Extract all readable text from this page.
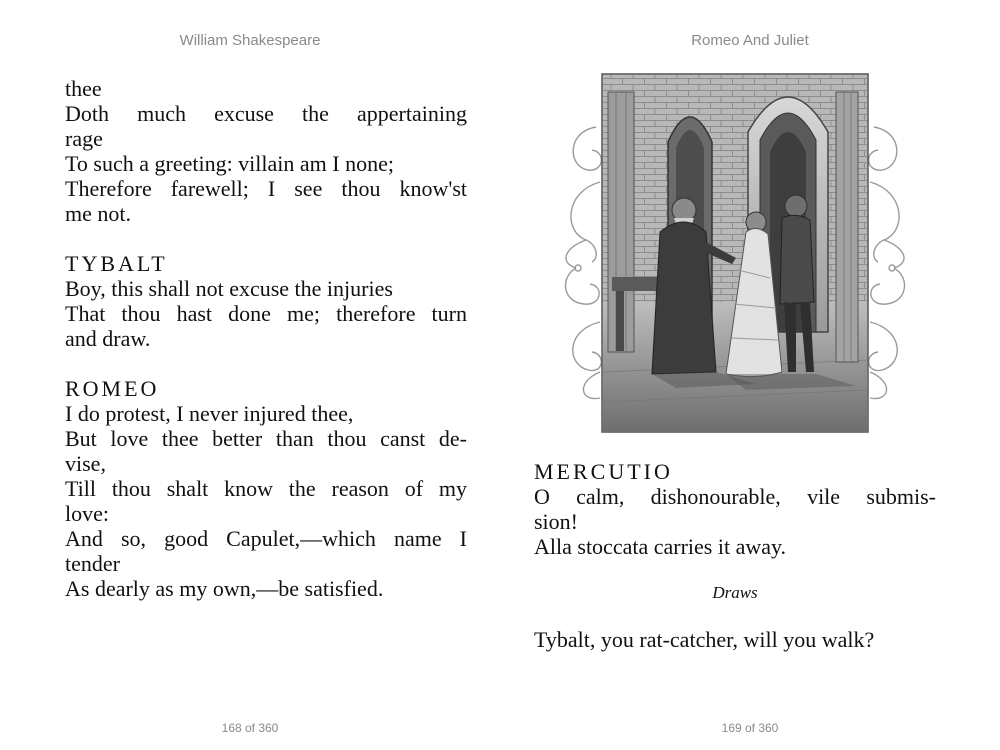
William Shakespeare
thee
Doth much excuse the appertaining
rage
To such a greeting: villain am I none;
Therefore farewell; I see thou know'st
me not.
TYBALT
Boy, this shall not excuse the injuries
That thou hast done me; therefore turn
and draw.
ROMEO
I do protest, I never injured thee,
But love thee better than thou canst de-
vise,
Till thou shalt know the reason of my
love:
And so, good Capulet,—which name I
tender
As dearly as my own,—be satisfied.
168 of 360
Romeo And Juliet
169 of 360
MERCUTIO
O calm, dishonourable, vile submis-
sion!
Alla stoccata carries it away.
Draws
Tybalt, you rat-catcher, will you walk?
